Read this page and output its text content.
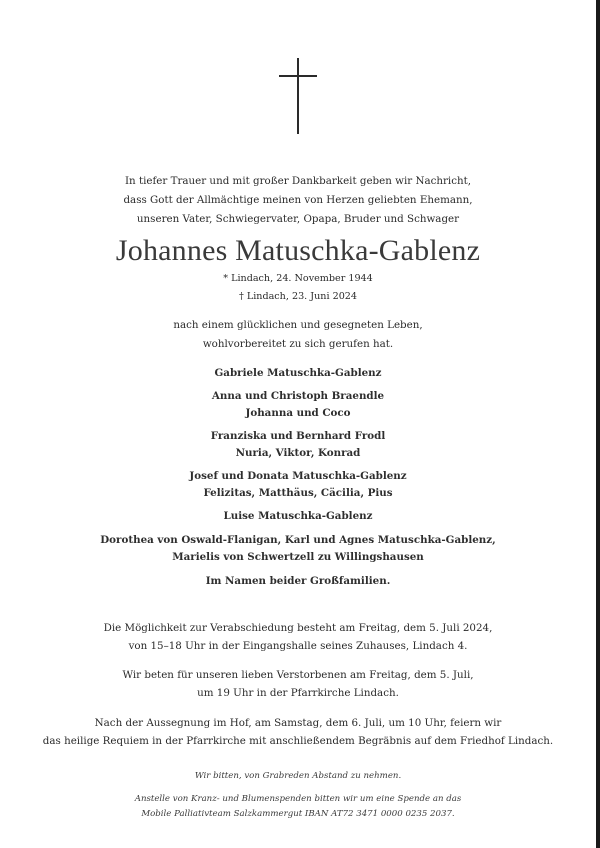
In tiefer Trauer und mit großer Dankbarkeit geben wir Nachricht,
dass Gott der Allmächtige meinen von Herzen geliebten Ehemann,
unseren Vater, Schwiegervater, Opapa, Bruder und Schwager
Johannes Matuschka-Gablenz
* Lindach, 24. November 1944
† Lindach, 23. Juni 2024
nach einem glücklichen und gesegneten Leben,
wohlvorbereitet zu sich gerufen hat.
Gabriele Matuschka-Gablenz
Anna und Christoph Braendle
Johanna und Coco
Franziska und Bernhard Frodl
Nuria, Viktor, Konrad
Josef und Donata Matuschka-Gablenz
Felizitas, Matthäus, Cäcilia, Pius
Luise Matuschka-Gablenz
Dorothea von Oswald-Flanigan, Karl und Agnes Matuschka-Gablenz,
Marielis von Schwertzell zu Willingshausen
Im Namen beider Großfamilien.
Die Möglichkeit zur Verabschiedung besteht am Freitag, dem 5. Juli 2024,
von 15–18 Uhr in der Eingangshalle seines Zuhauses, Lindach 4.
Wir beten für unseren lieben Verstorbenen am Freitag, dem 5. Juli,
um 19 Uhr in der Pfarrkirche Lindach.
Nach der Aussegnung im Hof, am Samstag, dem 6. Juli, um 10 Uhr, feiern wir
das heilige Requiem in der Pfarrkirche mit anschließendem Begräbnis auf dem Friedhof Lindach.
Wir bitten, von Grabreden Abstand zu nehmen.
Anstelle von Kranz- und Blumenspenden bitten wir um eine Spende an das
Mobile Palliativteam Salzkammergut IBAN AT72 3471 0000 0235 2037.
